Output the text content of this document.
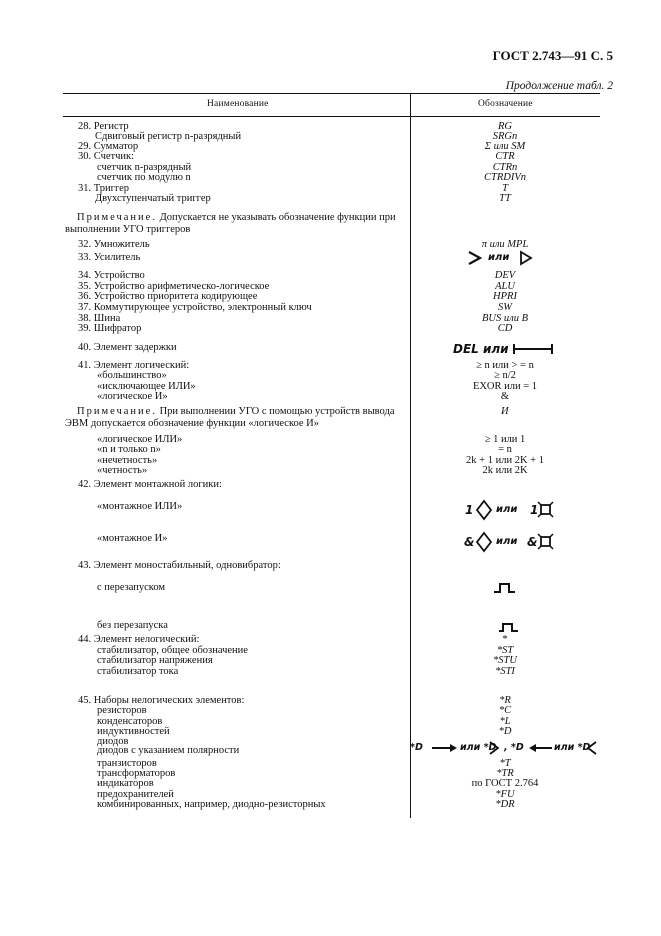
ГОСТ 2.743—91 С. 5
Продолжение табл. 2
Наименование	Обозначение
28. Регистр	RG
Сдвиговый регистр n-разрядный	SRGn
29. Сумматор	Σ или SM
30. Счетчик:	CTR
счетчик n-разрядный	CTRn
счетчик по модулю n	CTRDIVn
31. Триггер	T
Двухступенчатый триггер	TT
32. Умножитель	π или MPL
33. Усилитель
34. Устройство	DEV
35. Устройство арифметическо-логическое	ALU
36. Устройство приоритета кодирующее	HPRI
37. Коммутирующее устройство, электронный ключ	SW
38. Шина	BUS или B
39. Шифратор	CD
40. Элемент задержки
41. Элемент логический:	≥ n или > = n
«большинство»	≥ n/2
«исключающее ИЛИ»	EXOR или = 1
«логическое И»	&
«логическое ИЛИ»	≥ 1 или 1
«n и только n»	= n
«нечетность»	2k + 1 или 2K + 1
«четность»	2k или 2K
42. Элемент монтажной логики:
«монтажное ИЛИ»
«монтажное И»
43. Элемент моностабильный, одновибратор:
с перезапуском
без перезапуска
44. Элемент нелогический:	*
стабилизатор, общее обозначение	*ST
стабилизатор напряжения	*STU
стабилизатор тока	*STI
45. Наборы нелогических элементов:	*R
резисторов	*C
конденсаторов	*L
индуктивностей	*D
диодов
диодов с указанием полярности
транзисторов	*T
трансформаторов	*TR
индикаторов	по ГОСТ 2.764
предохранителей	*FU
комбинированных, например, диодно-резисторных	*DR
Примечание. Допускается не указывать обозначение функции при выполнении УГО триггеров
Примечание. При выполнении УГО с помощью устройств вывода ЭВМ допускается обозначение функции «логическое И»
И
или
DEL или
1 или 1
& или &
*D	или *D , *D	или *D
